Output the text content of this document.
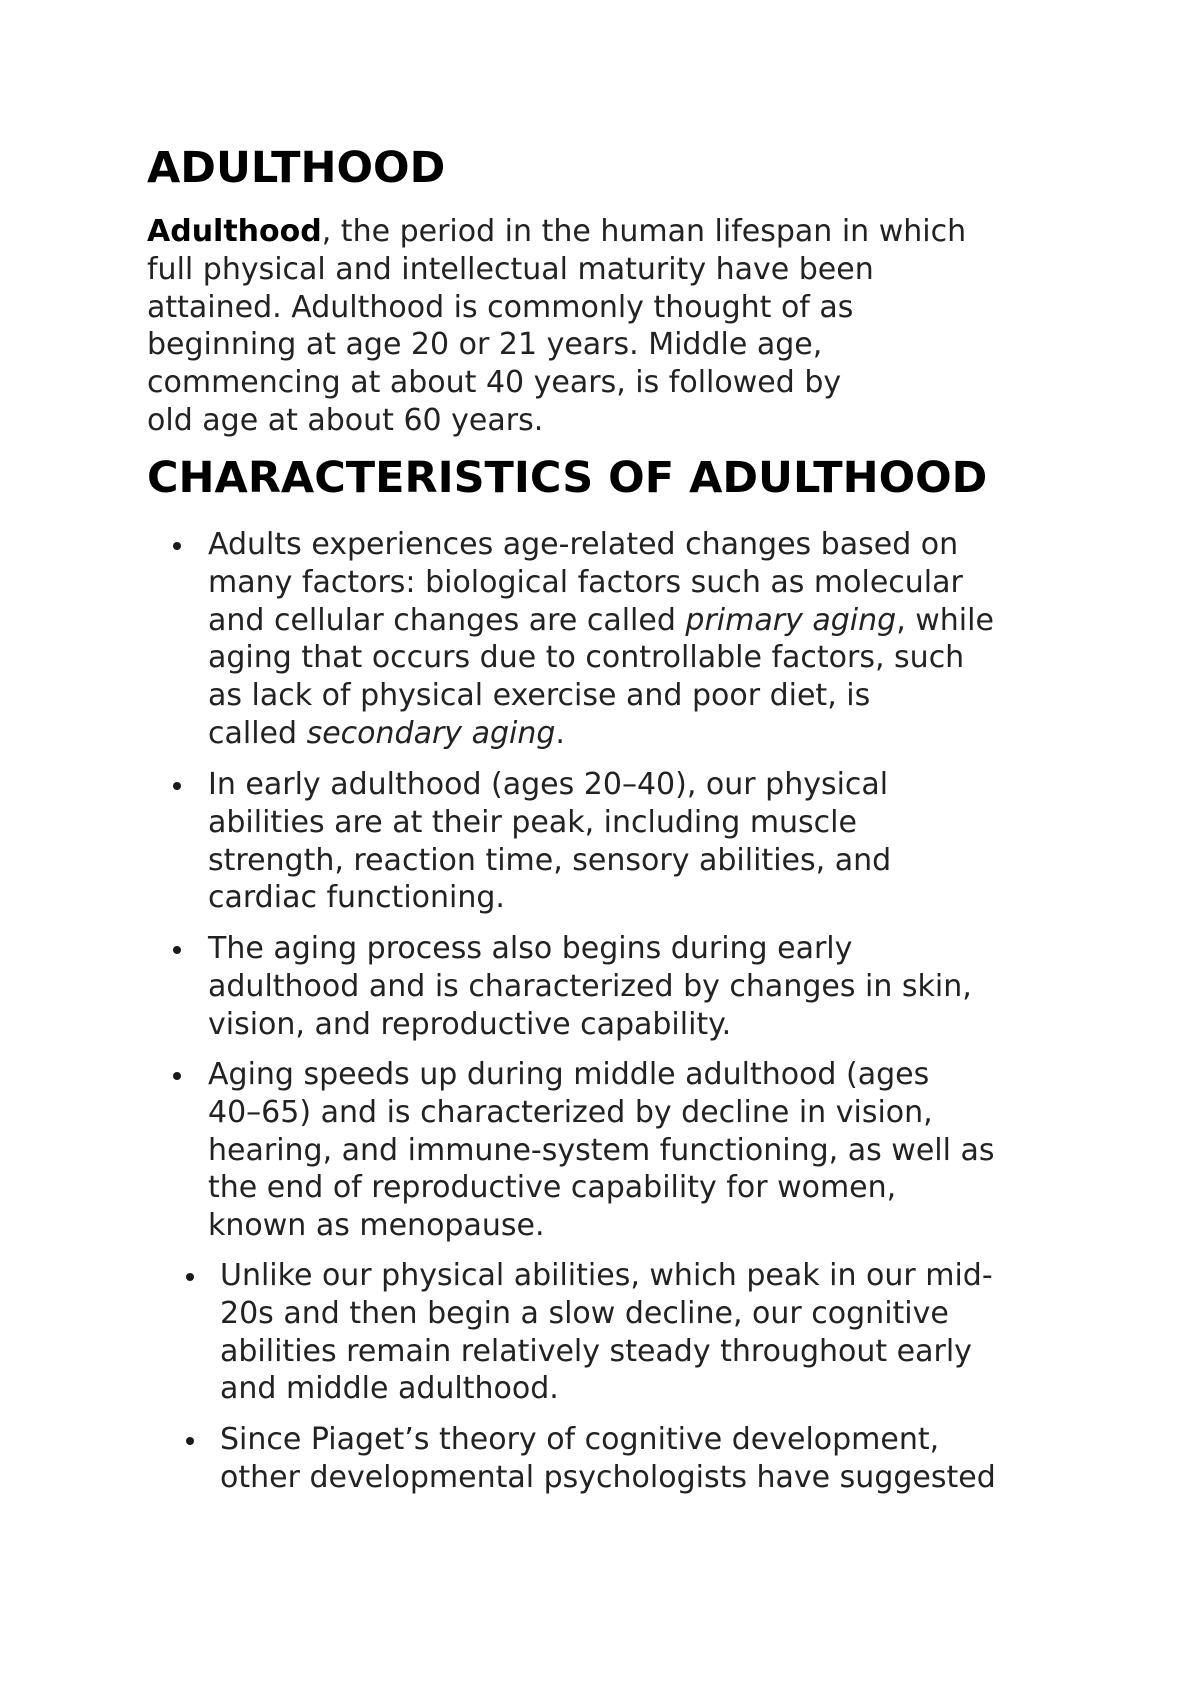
ADULTHOOD

Adulthood, the period in the human lifespan in which
full physical and intellectual maturity have been
attained. Adulthood is commonly thought of as
beginning at age 20 or 21 years. Middle age,
commencing at about 40 years, is followed by
old age at about 60 years.

CHARACTERISTICS OF ADULTHOOD
Adults experiences age-related changes based on
many factors: biological factors such as molecular
and cellular changes are called primary aging, while
aging that occurs due to controllable factors, such
as lack of physical exercise and poor diet, is
called secondary aging.
In early adulthood (ages 20–40), our physical
abilities are at their peak, including muscle
strength, reaction time, sensory abilities, and
cardiac functioning.
The aging process also begins during early
adulthood and is characterized by changes in skin,
vision, and reproductive capability.
Aging speeds up during middle adulthood (ages
40–65) and is characterized by decline in vision,
hearing, and immune-system functioning, as well as
the end of reproductive capability for women,
known as menopause.
Unlike our physical abilities, which peak in our mid-
20s and then begin a slow decline, our cognitive
abilities remain relatively steady throughout early
and middle adulthood.
Since Piaget’s theory of cognitive development,
other developmental psychologists have suggested
